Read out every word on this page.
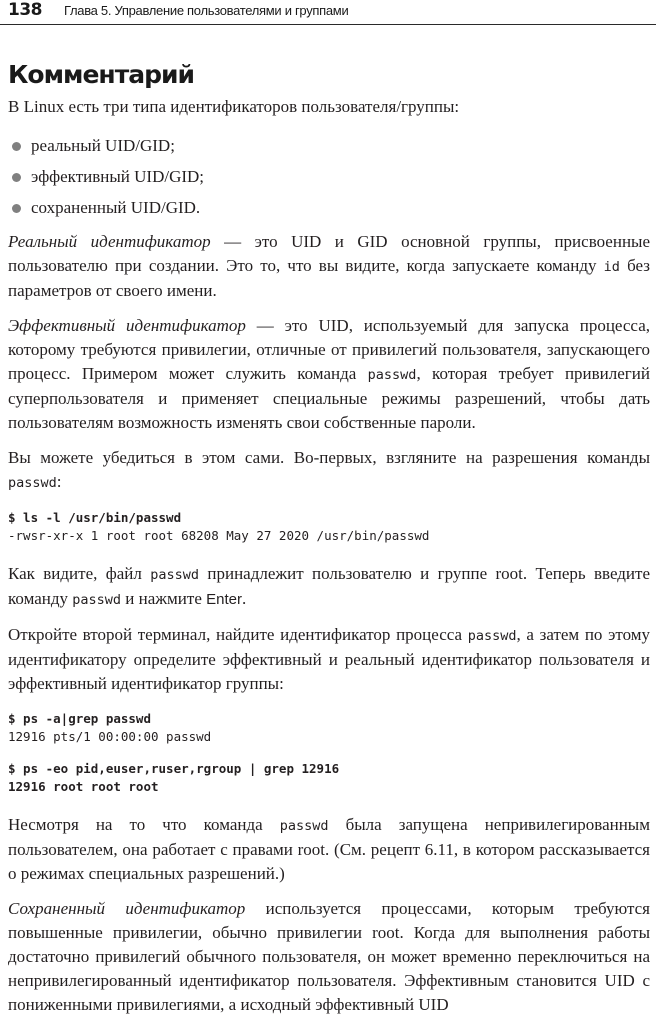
138 Глава 5. Управление пользователями и группами
Комментарий

В Linux есть три типа идентификаторов пользователя/группы:

реальный UID/GID;
эффективный UID/GID;
сохраненный UID/GID.

Реальный идентификатор — это UID и GID основной группы, присвоенные пользователю при создании. Это то, что вы видите, когда запускаете команду id без параметров от своего имени.

Эффективный идентификатор — это UID, используемый для запуска процесса, которому требуются привилегии, отличные от привилегий пользователя, запускающего процесс. Примером может служить команда passwd, которая требует привилегий суперпользователя и применяет специальные режимы разрешений, чтобы дать пользователям возможность изменять свои собственные пароли.

Вы можете убедиться в этом сами. Во-первых, взгляните на разрешения команды passwd:

$ ls -l /usr/bin/passwd
-rwsr-xr-x 1 root root 68208 May 27 2020 /usr/bin/passwd

Как видите, файл passwd принадлежит пользователю и группе root. Теперь введите команду passwd и нажмите Enter.

Откройте второй терминал, найдите идентификатор процесса passwd, а затем по этому идентификатору определите эффективный и реальный идентификатор пользователя и эффективный идентификатор группы:

$ ps -a|grep passwd
12916 pts/1 00:00:00 passwd
$ ps -eo pid,euser,ruser,rgroup | grep 12916
12916 root root root

Несмотря на то что команда passwd была запущена непривилегированным пользователем, она работает с правами root. (См. рецепт 6.11, в котором рассказывается о режимах специальных разрешений.)

Сохраненный идентификатор используется процессами, которым требуются повышенные привилегии, обычно привилегии root. Когда для выполнения работы достаточно привилегий обычного пользователя, он может временно переключиться на непривилегированный идентификатор пользователя. Эффективным становится UID с пониженными привилегиями, а исходный эффективный UID
